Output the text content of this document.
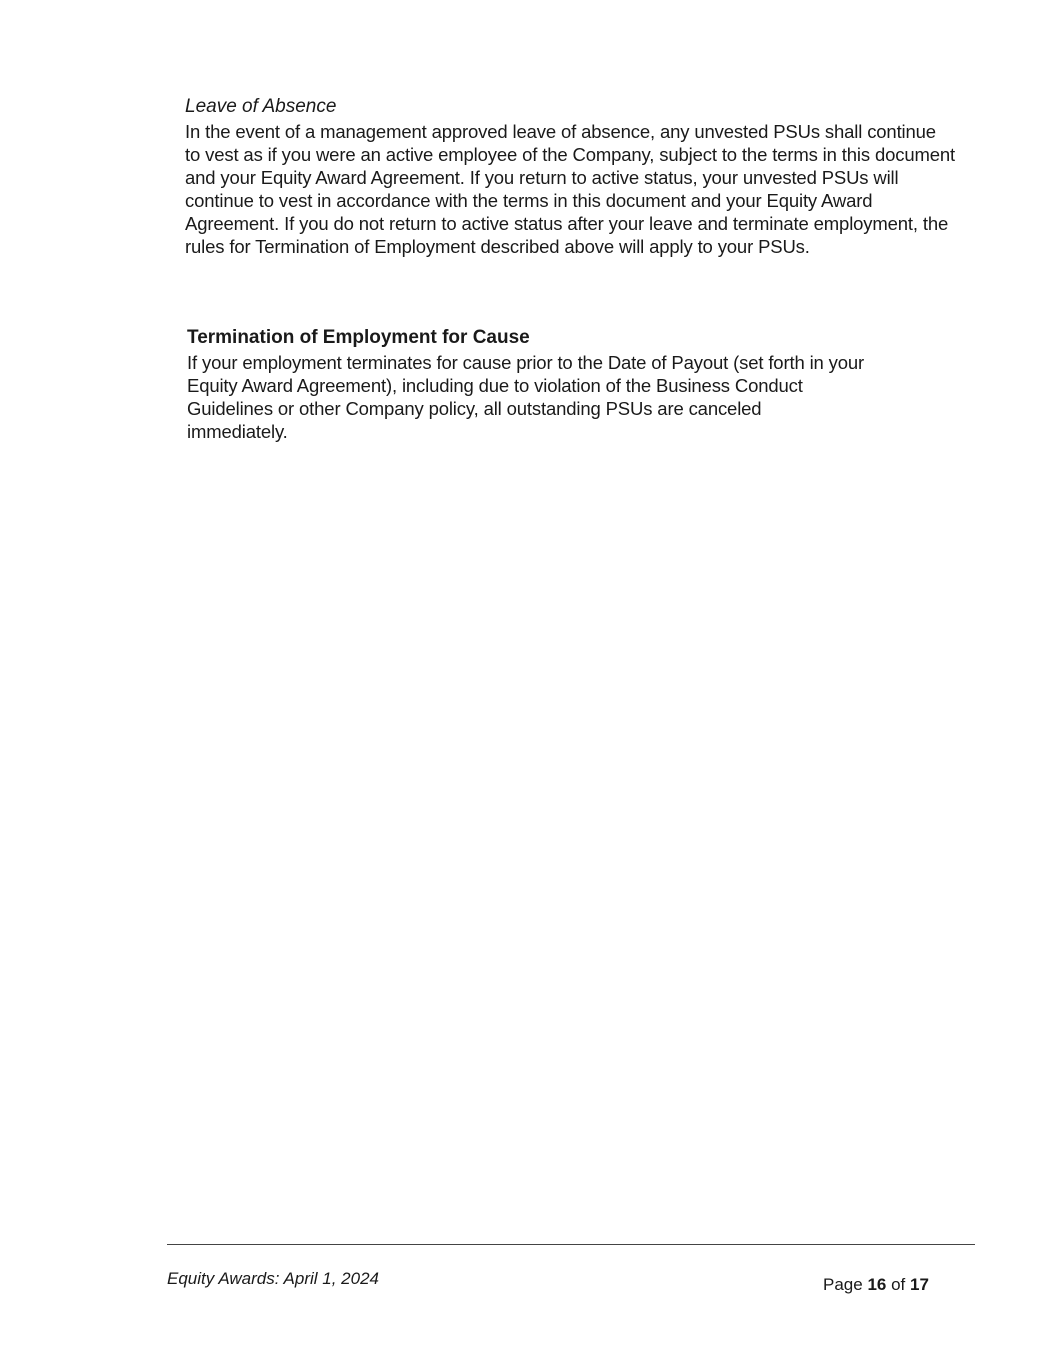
Leave of Absence

In the event of a management approved leave of absence, any unvested PSUs shall continue to vest as if you were an active employee of the Company, subject to the terms in this document and your Equity Award Agreement. If you return to active status, your unvested PSUs will continue to vest in accordance with the terms in this document and your Equity Award Agreement. If you do not return to active status after your leave and terminate employment, the rules for Termination of Employment described above will apply to your PSUs.

Termination of Employment for Cause

If your employment terminates for cause prior to the Date of Payout (set forth in your Equity Award Agreement), including due to violation of the Business Conduct Guidelines or other Company policy, all outstanding PSUs are canceled immediately.

Equity Awards: April 1, 2024	Page 16 of 17
